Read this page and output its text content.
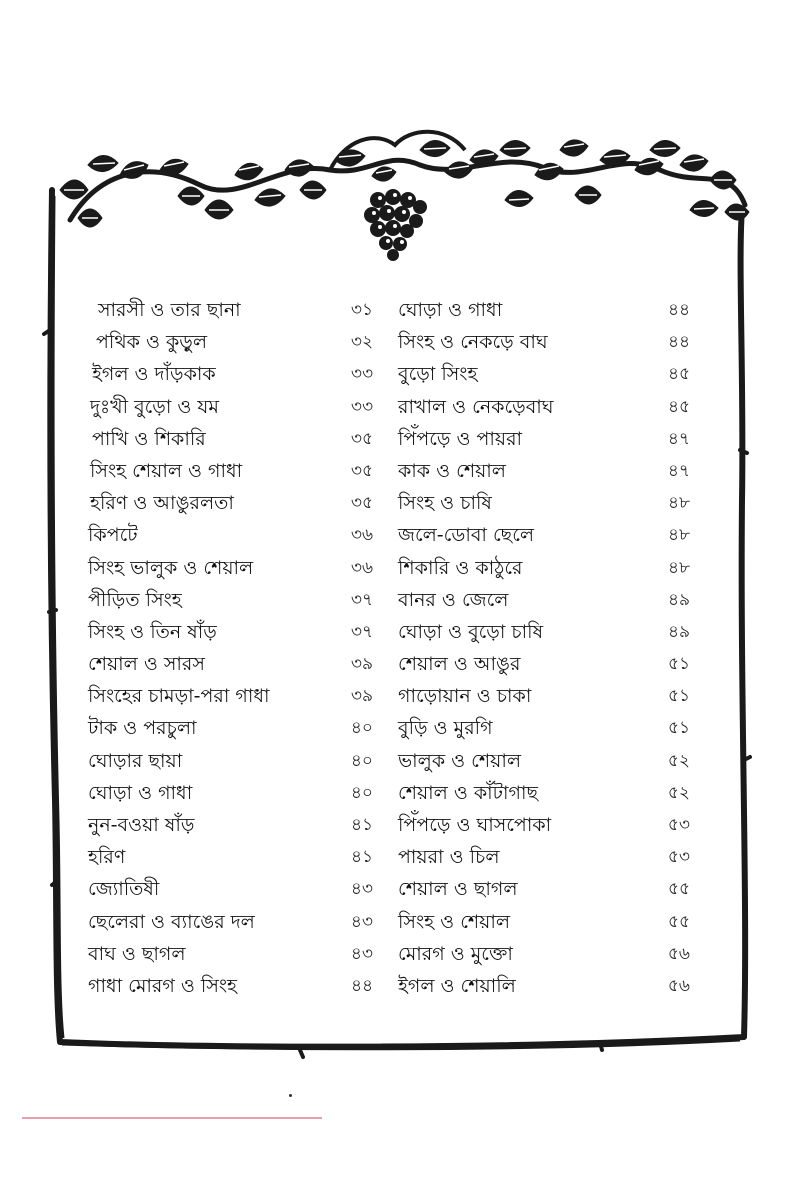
সারসী ও তার ছানা	৩১
পথিক ও কুড়ুল	৩২
ইগল ও দাঁড়কাক	৩৩
দুঃখী বুড়ো ও যম	৩৩
পাখি ও শিকারি	৩৫
সিংহ শেয়াল ও গাধা	৩৫
হরিণ ও আঙুরলতা	৩৫
কিপটে	৩৬
সিংহ ভালুক ও শেয়াল	৩৬
পীড়িত সিংহ	৩৭
সিংহ ও তিন ষাঁড়	৩৭
শেয়াল ও সারস	৩৯
সিংহের চামড়া-পরা গাধা	৩৯
টাক ও পরচুলা	৪০
ঘোড়ার ছায়া	৪০
ঘোড়া ও গাধা	৪০
নুন-বওয়া ষাঁড়	৪১
হরিণ	৪১
জ্যোতিষী	৪৩
ছেলেরা ও ব্যাঙের দল	৪৩
বাঘ ও ছাগল	৪৩
গাধা মোরগ ও সিংহ	৪৪
ঘোড়া ও গাধা	৪৪
সিংহ ও নেকড়ে বাঘ	৪৪
বুড়ো সিংহ	৪৫
রাখাল ও নেকড়েবাঘ	৪৫
পিঁপড়ে ও পায়রা	৪৭
কাক ও শেয়াল	৪৭
সিংহ ও চাষি	৪৮
জলে-ডোবা ছেলে	৪৮
শিকারি ও কাঠুরে	৪৮
বানর ও জেলে	৪৯
ঘোড়া ও বুড়ো চাষি	৪৯
শেয়াল ও আঙুর	৫১
গাড়োয়ান ও চাকা	৫১
বুড়ি ও মুরগি	৫১
ভালুক ও শেয়াল	৫২
শেয়াল ও কাঁটাগাছ	৫২
পিঁপড়ে ও ঘাসপোকা	৫৩
পায়রা ও চিল	৫৩
শেয়াল ও ছাগল	৫৫
সিংহ ও শেয়াল	৫৫
মোরগ ও মুক্তো	৫৬
ইগল ও শেয়ালি	৫৬
